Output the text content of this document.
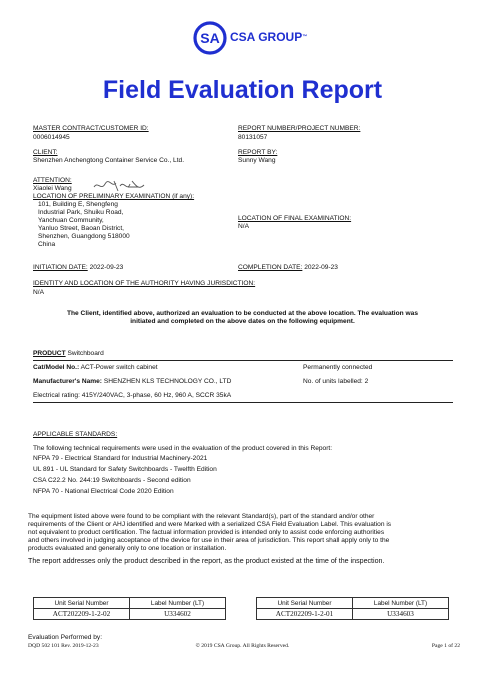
SA CSA GROUP™
Field Evaluation Report
MASTER CONTRACT/CUSTOMER ID:
0006014945
REPORT NUMBER/PROJECT NUMBER:
80131057
CLIENT:
Shenzhen Anchengtong Container Service Co., Ltd.
REPORT BY:
Sunny Wang
ATTENTION:
Xiaolei Wang
LOCATION OF PRELIMINARY EXAMINATION (if any):
101, Building E, Shengfeng
Industrial Park, Shuiku Road,
Yanchuan Community,
Yanluo Street, Baoan District,
Shenzhen, Guangdong 518000
China
LOCATION OF FINAL EXAMINATION:
N/A
INITIATION DATE: 2022-09-23	COMPLETION DATE: 2022-09-23
IDENTITY AND LOCATION OF THE AUTHORITY HAVING JURISDICTION:
N/A
The Client, identified above, authorized an evaluation to be conducted at the above location. The evaluation was
initiated and completed on the above dates on the following equipment.
PRODUCT Switchboard
Cat/Model No.: ACT-Power switch cabinet	Permanently connected
Manufacturer's Name: SHENZHEN KLS TECHNOLOGY CO., LTD	No. of units labelled: 2
Electrical rating: 415Y/240VAC, 3-phase, 60 Hz, 960 A, SCCR 35kA
APPLICABLE STANDARDS:
The following technical requirements were used in the evaluation of the product covered in this Report:
NFPA 79 - Electrical Standard for Industrial Machinery-2021
UL 891 - UL Standard for Safety Switchboards - Twelfth Edition
CSA C22.2 No. 244:19 Switchboards - Second edition
NFPA 70 - National Electrical Code 2020 Edition
The equipment listed above were found to be compliant with the relevant Standard(s), part of the standard and/or other
requirements of the Client or AHJ identified and were Marked with a serialized CSA Field Evaluation Label. This evaluation is
not equivalent to product certification. The factual information provided is intended only to assist code enforcing authorities
and others involved in judging acceptance of the device for use in their area of jurisdiction. This report shall apply only to the
products evaluated and generally only to one location or installation.
The report addresses only the product described in the report, as the product existed at the time of the inspection.
Unit Serial Number	Label Number (LT)
ACT202209-1-2-02	U334602
Unit Serial Number	Label Number (LT)
ACT202209-1-2-01	U334603
Evaluation Performed by:
DQD 502 101 Rev. 2019-12-23	© 2019 CSA Group. All Rights Reserved.	Page 1 of 22
